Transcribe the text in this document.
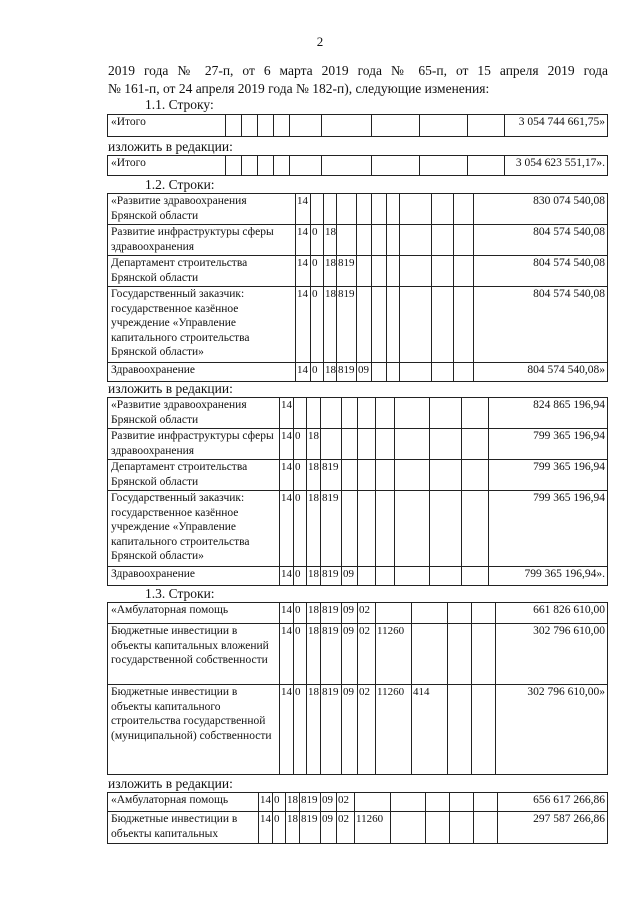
2
2019 года № 27-п, от 6 марта 2019 года № 65-п, от 15 апреля 2019 года
№ 161-п, от 24 апреля 2019 года № 182-п), следующие изменения:
1.1. Строку:
«Итого										3 054 744 661,75»
изложить в редакции:
«Итого										3 054 623 551,17».
1.2. Строки:
«Развитие здравоохранения Брянской области	14										830 074 540,08
Развитие инфраструктуры сферы здравоохранения	14	0	18								804 574 540,08
Департамент строительства Брянской области	14	0	18	819							804 574 540,08
Государственный заказчик: государственное казённое учреждение «Управление капитального строительства Брянской области»	14	0	18	819							804 574 540,08
Здравоохранение	14	0	18	819	09						804 574 540,08»
изложить в редакции:
«Развитие здравоохранения Брянской области	14										824 865 196,94
Развитие инфраструктуры сферы здравоохранения	14	0	18								799 365 196,94
Департамент строительства Брянской области	14	0	18	819							799 365 196,94
Государственный заказчик: государственное казённое учреждение «Управление капитального строительства Брянской области»	14	0	18	819							799 365 196,94
Здравоохранение	14	0	18	819	09						799 365 196,94».
1.3. Строки:
«Амбулаторная помощь	14	0	18	819	09	02					661 826 610,00
Бюджетные инвестиции в объекты капитальных вложений государственной собственности	14	0	18	819	09	02	11260				302 796 610,00
Бюджетные инвестиции в объекты капитального строительства государственной (муниципальной) собственности	14	0	18	819	09	02	11260	414			302 796 610,00»
изложить в редакции:
«Амбулаторная помощь	14	0	18	819	09	02						656 617 266,86
Бюджетные инвестиции в объекты капитальных	14	0	18	819	09	02	11260					297 587 266,86
